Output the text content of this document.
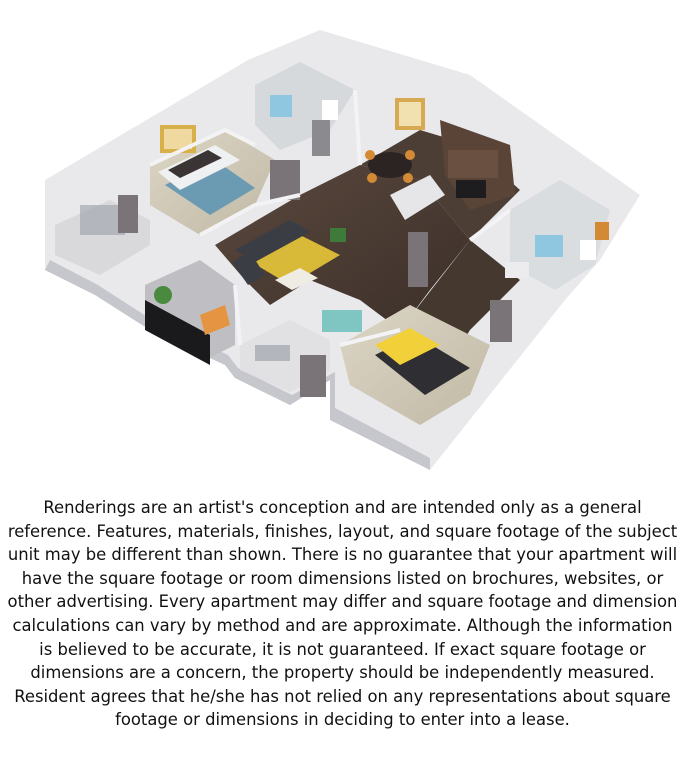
Renderings are an artist's conception and are intended only as a general reference. Features, materials, finishes, layout, and square footage of the subject unit may be different than shown. There is no guarantee that your apartment will have the square footage or room dimensions listed on brochures, websites, or other advertising. Every apartment may differ and square footage and dimension calculations can vary by method and are approximate. Although the information is believed to be accurate, it is not guaranteed. If exact square footage or dimensions are a concern, the property should be independently measured. Resident agrees that he/she has not relied on any representations about square footage or dimensions in deciding to enter into a lease.
